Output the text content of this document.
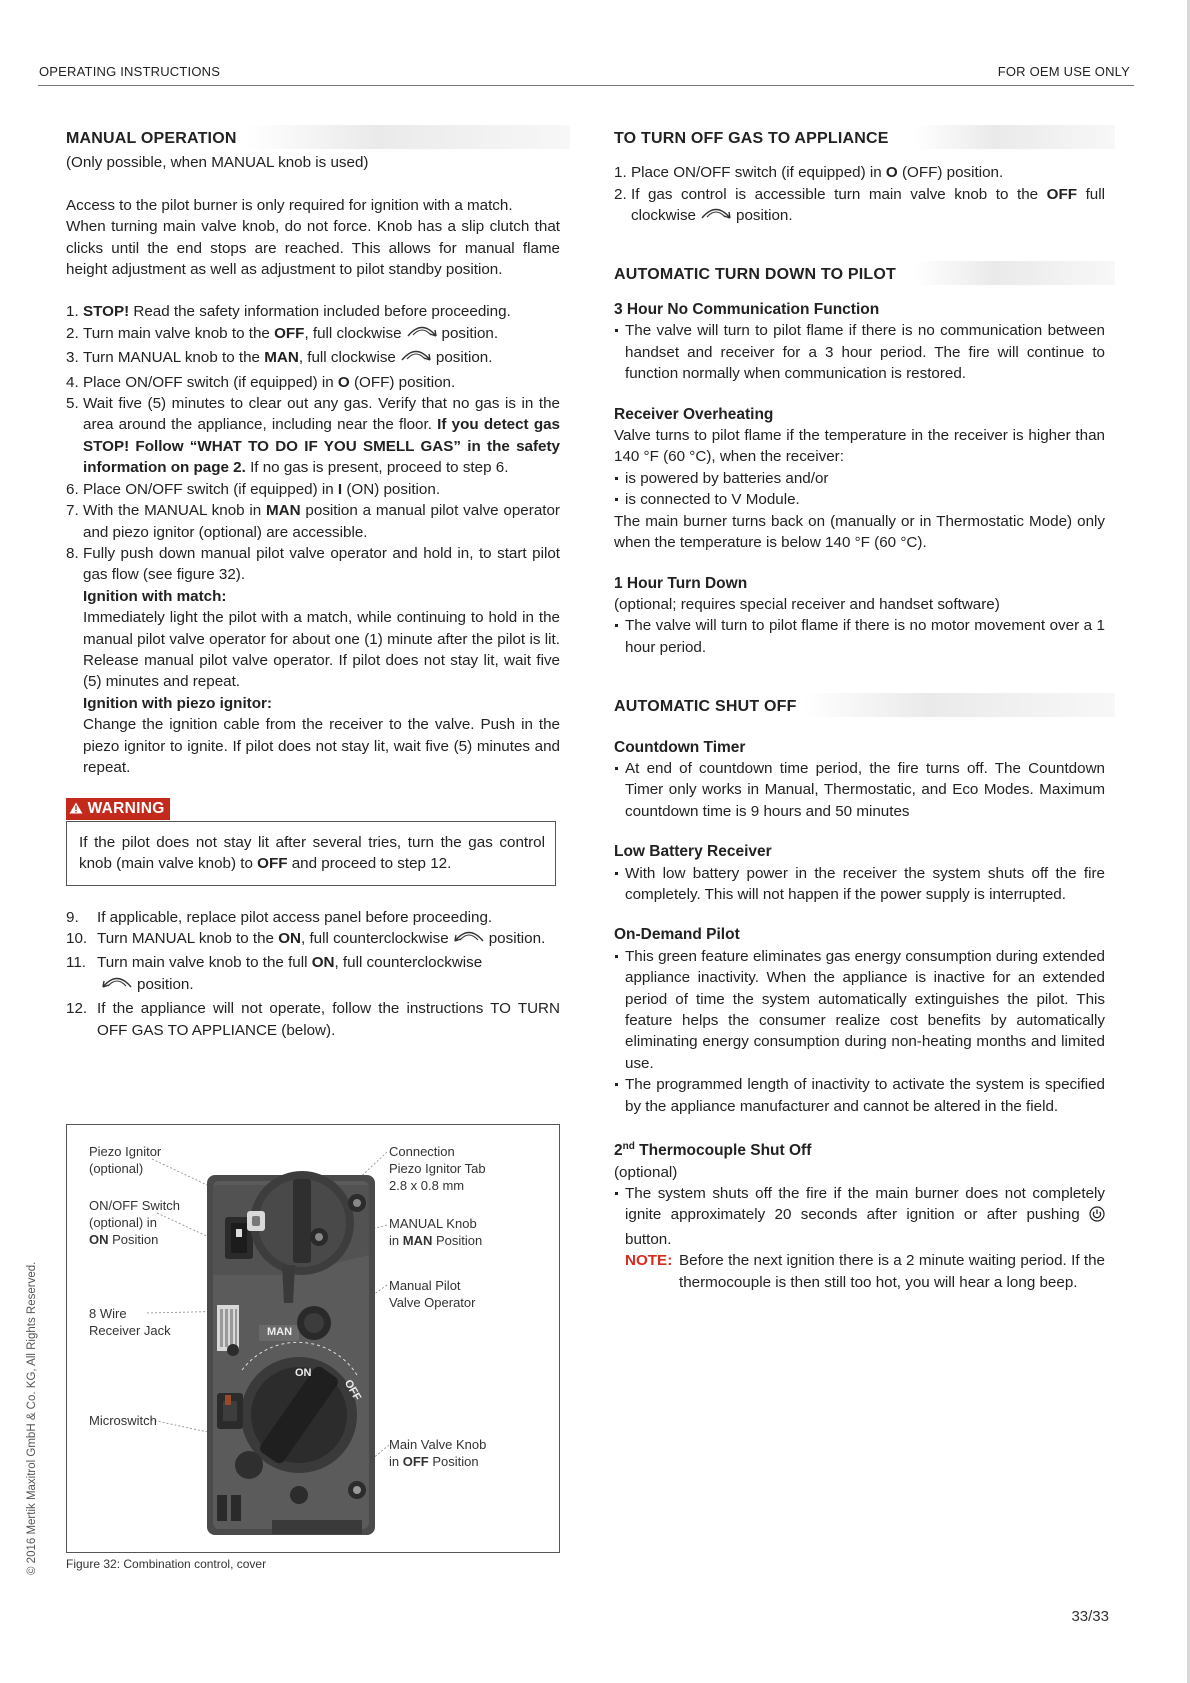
OPERATING INSTRUCTIONS	FOR OEM USE ONLY
MANUAL OPERATION

(Only possible, when MANUAL knob is used)

Access to the pilot burner is only required for ignition with a match.

When turning main valve knob, do not force. Knob has a slip clutch that clicks until the end stops are reached. This allows for manual flame height adjustment as well as adjustment to pilot standby position.

1. STOP! Read the safety information included before proceeding.
2. Turn main valve knob to the OFF, full clockwise	position.
3. Turn MANUAL knob to the MAN, full clockwise	position.
4. Place ON/OFF switch (if equipped) in O (OFF) position.
5. Wait five (5) minutes to clear out any gas. Verify that no gas is in the area around the appliance, including near the floor. If you detect gas STOP! Follow “WHAT TO DO IF YOU SMELL GAS” in the safety information on page 2. If no gas is present, proceed to step 6.
6. Place ON/OFF switch (if equipped) in I (ON) position.
7. With the MANUAL knob in MAN position a manual pilot valve operator and piezo ignitor (optional) are accessible.
8. Fully push down manual pilot valve operator and hold in, to start pilot gas flow (see figure 32).
Ignition with match:
Immediately light the pilot with a match, while continuing to hold in the manual pilot valve operator for about one (1) minute after the pilot is lit. Release manual pilot valve operator. If pilot does not stay lit, wait five (5) minutes and repeat.
Ignition with piezo ignitor:
Change the ignition cable from the receiver to the valve. Push in the piezo ignitor to ignite. If pilot does not stay lit, wait five (5) minutes and repeat.
WARNING

If the pilot does not stay lit after several tries, turn the gas control knob (main valve knob) to OFF and proceed to step 12.

9. If applicable, replace pilot access panel before proceeding.
10. Turn MANUAL knob to the ON, full counterclockwise	position.
11. Turn main valve knob to the full ON, full counterclockwise
position.
12. If the appliance will not operate, follow the instructions TO TURN OFF GAS TO APPLIANCE (below).
MAN
ON
OFF
Piezo Ignitor
(optional)
ON/OFF Switch
(optional) in
ON Position
8 Wire
Receiver Jack
Microswitch
Connection
Piezo Ignitor Tab
2.8 x 0.8 mm
MANUAL Knob
in MAN Position
Manual Pilot
Valve Operator
Main Valve Knob
in OFF Position
Figure 32: Combination control, cover
TO TURN OFF GAS TO APPLIANCE
1. Place ON/OFF switch (if equipped) in O (OFF) position.
2. If gas control is accessible turn main valve knob to the OFF full clockwise	position.
AUTOMATIC TURN DOWN TO PILOT
3 Hour No Communication Function
The valve will turn to pilot flame if there is no communication between handset and receiver for a 3 hour period. The fire will continue to function normally when communication is restored.
Receiver Overheating

Valve turns to pilot flame if the temperature in the receiver is higher than 140 °F (60 °C), when the receiver:

is powered by batteries and/or
is connected to V Module.

The main burner turns back on (manually or in Thermostatic Mode) only when the temperature is below 140 °F (60 °C).

1 Hour Turn Down

(optional; requires special receiver and handset software)

The valve will turn to pilot flame if there is no motor movement over a 1 hour period.
AUTOMATIC SHUT OFF
Countdown Timer
At end of countdown time period, the fire turns off. The Countdown Timer only works in Manual, Thermostatic, and Eco Modes. Maximum countdown time is 9 hours and 50 minutes
Low Battery Receiver
With low battery power in the receiver the system shuts off the fire completely. This will not happen if the power supply is interrupted.
On-Demand Pilot
This green feature eliminates gas energy consumption during extended appliance inactivity. When the appliance is inactive for an extended period of time the system automatically extinguishes the pilot. This feature helps the consumer realize cost benefits by automatically eliminating energy consumption during non-heating months and limited use.
The programmed length of inactivity to activate the system is specified by the appliance manufacturer and cannot be altered in the field.
2nd Thermocouple Shut Off

(optional)

The system shuts off the fire if the main burner does not completely ignite approximately 20 seconds after ignition or after pushing  button.
NOTE: Before the next ignition there is a 2 minute waiting period. If the thermocouple is then still too hot, you will hear a long beep.
© 2016 Mertik Maxitrol GmbH & Co. KG, All Rights Reserved.
33/33
